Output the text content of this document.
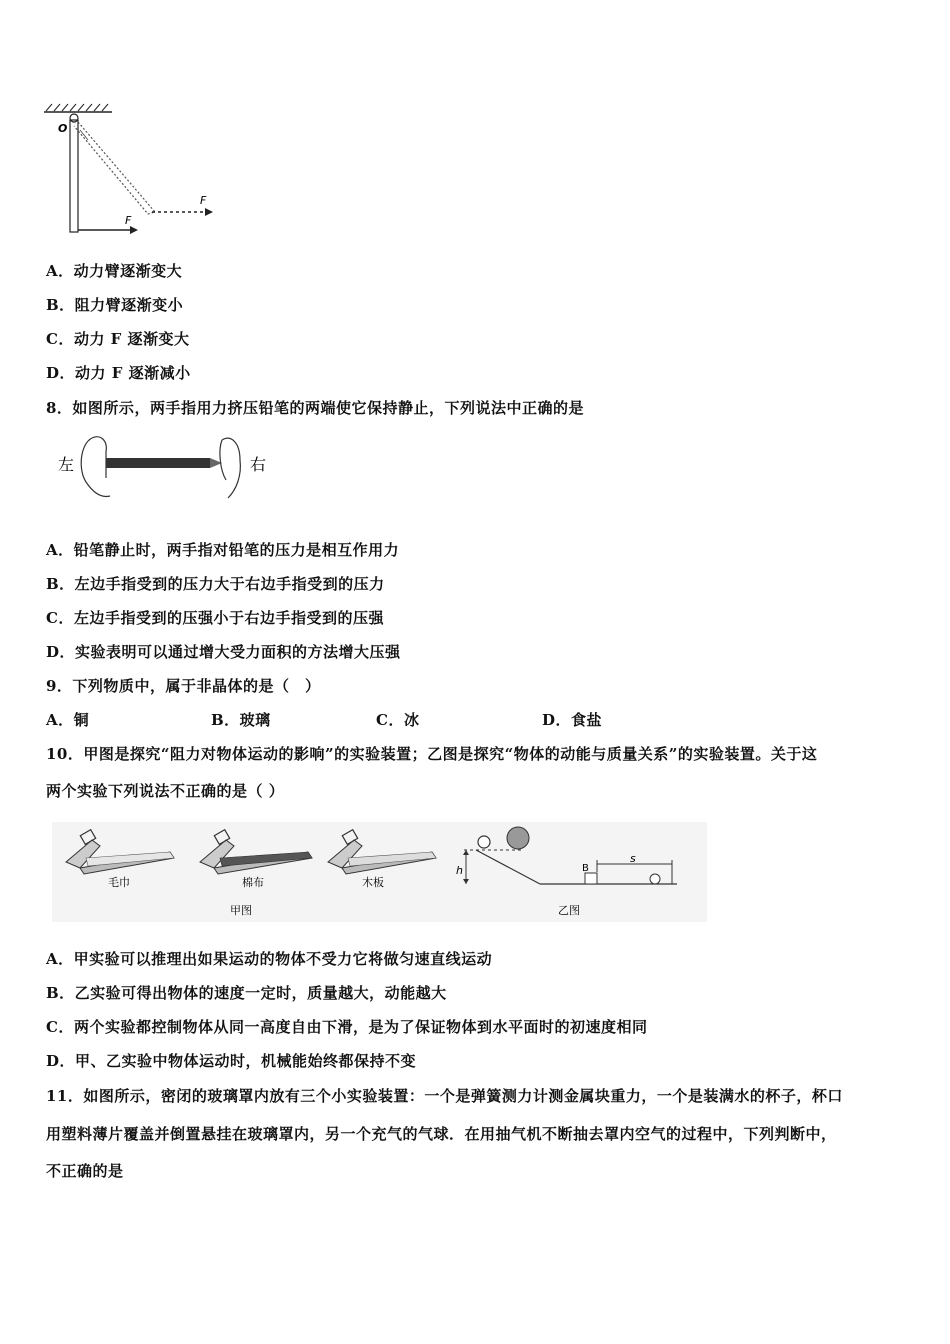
O
F
F
A．动力臂逐渐变大
B．阻力臂逐渐变小
C．动力 F 逐渐变大
D．动力 F 逐渐减小
8．如图所示，两手指用力挤压铅笔的两端使它保持静止，下列说法中正确的是
左	右
A．铅笔静止时，两手指对铅笔的压力是相互作用力
B．左边手指受到的压力大于右边手指受到的压力
C．左边手指受到的压强小于右边手指受到的压强
D．实验表明可以通过增大受力面积的方法增大压强
9．下列物质中，属于非晶体的是（　）
A．铜	B．玻璃	C．冰	D．食盐
10．甲图是探究“阻力对物体运动的影响”的实验装置；乙图是探究“物体的动能与质量关系”的实验装置。关于这
两个实验下列说法不正确的是（ ）
h	B
s
毛巾	棉布	木板
甲图	乙图
A．甲实验可以推理出如果运动的物体不受力它将做匀速直线运动
B．乙实验可得出物体的速度一定时，质量越大，动能越大
C．两个实验都控制物体从同一高度自由下滑，是为了保证物体到水平面时的初速度相同
D．甲、乙实验中物体运动时，机械能始终都保持不变
11．如图所示，密闭的玻璃罩内放有三个小实验装置：一个是弹簧测力计测金属块重力，一个是装满水的杯子，杯口
用塑料薄片覆盖并倒置悬挂在玻璃罩内，另一个充气的气球．在用抽气机不断抽去罩内空气的过程中，下列判断中，
不正确的是
